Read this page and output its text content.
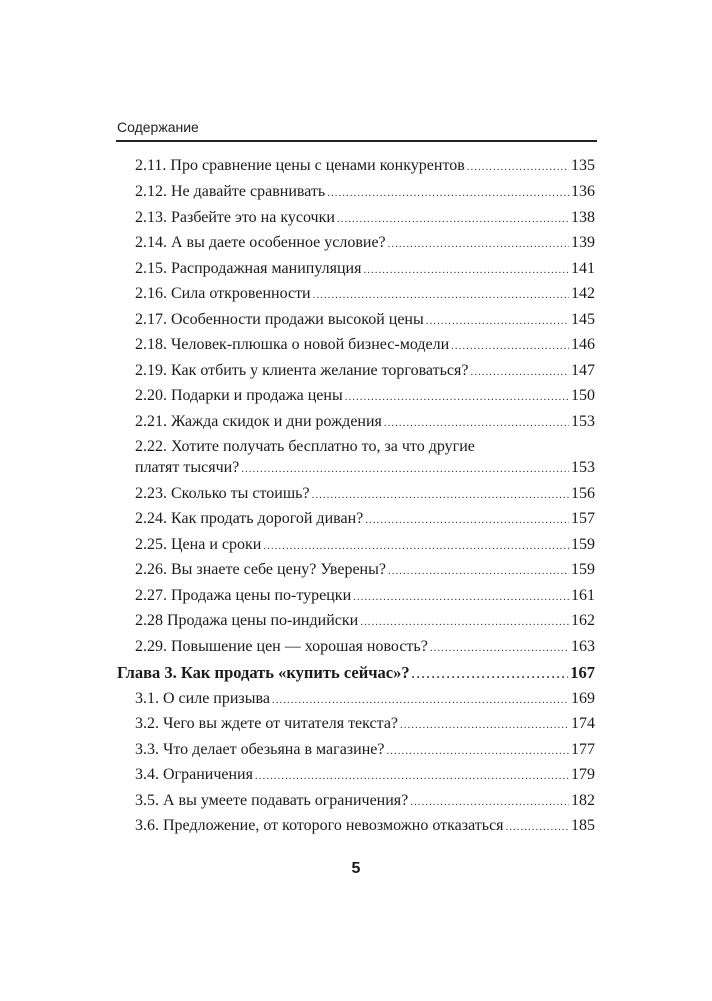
Содержание
2.11. Про сравнение цены с ценами конкурентов .....	135
2.12. Не давайте сравнивать .....	136
2.13. Разбейте это на кусочки .....	138
2.14. А вы даете особенное условие? .....	139
2.15. Распродажная манипуляция .....	141
2.16. Сила откровенности .....	142
2.17. Особенности продажи высокой цены .....	145
2.18. Человек-плюшка о новой бизнес-модели .....	146
2.19. Как отбить у клиента желание торговаться? .....	147
2.20. Подарки и продажа цены .....	150
2.21. Жажда скидок и дни рождения .....	153
2.22. Хотите получать бесплатно то, за что другие
платят тысячи? .....	153
2.23. Сколько ты стоишь? .....	156
2.24. Как продать дорогой диван? .....	157
2.25. Цена и сроки .....	159
2.26. Вы знаете себе цену? Уверены? .....	159
2.27. Продажа цены по-турецки .....	161
2.28 Продажа цены по-индийски .....	162
2.29. Повышение цен — хорошая новость? .....	163
Глава 3. Как продать «купить сейчас»? .....	167
3.1. О силе призыва .....	169
3.2. Чего вы ждете от читателя текста? .....	174
3.3. Что делает обезьяна в магазине? .....	177
3.4. Ограничения .....	179
3.5. А вы умеете подавать ограничения? .....	182
3.6. Предложение, от которого невозможно отказаться .....	185
5
